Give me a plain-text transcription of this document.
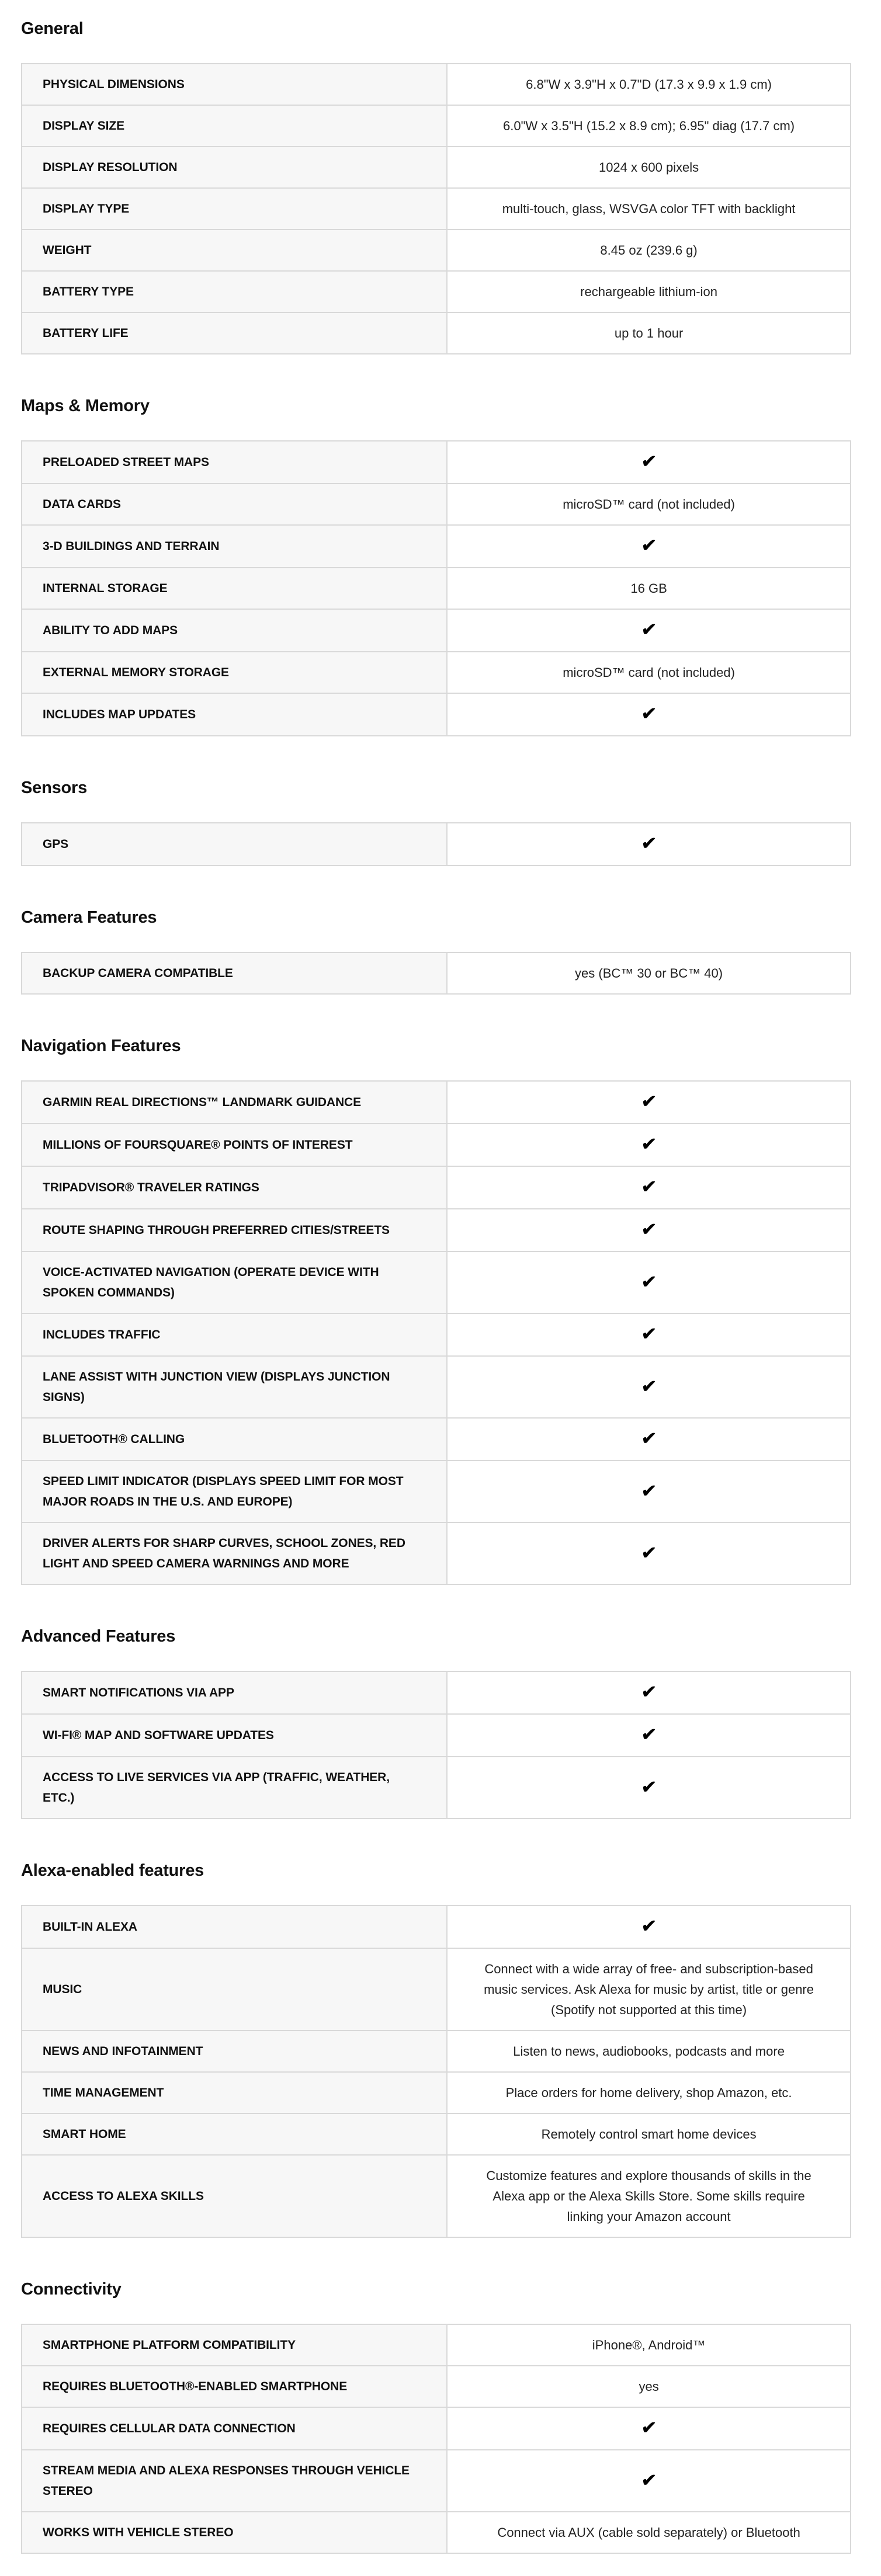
General
PHYSICAL DIMENSIONS	6.8"W x 3.9"H x 0.7"D (17.3 x 9.9 x 1.9 cm)
DISPLAY SIZE	6.0"W x 3.5"H (15.2 x 8.9 cm); 6.95" diag (17.7 cm)
DISPLAY RESOLUTION	1024 x 600 pixels
DISPLAY TYPE	multi-touch, glass, WSVGA color TFT with backlight
WEIGHT	8.45 oz (239.6 g)
BATTERY TYPE	rechargeable lithium-ion
BATTERY LIFE	up to 1 hour
Maps & Memory
PRELOADED STREET MAPS	✔
DATA CARDS	microSD™ card (not included)
3-D BUILDINGS AND TERRAIN	✔
INTERNAL STORAGE	16 GB
ABILITY TO ADD MAPS	✔
EXTERNAL MEMORY STORAGE	microSD™ card (not included)
INCLUDES MAP UPDATES	✔
Sensors
GPS	✔
Camera Features
BACKUP CAMERA COMPATIBLE	yes (BC™ 30 or BC™ 40)
Navigation Features
GARMIN REAL DIRECTIONS™ LANDMARK GUIDANCE	✔
MILLIONS OF FOURSQUARE® POINTS OF INTEREST	✔
TRIPADVISOR® TRAVELER RATINGS	✔
ROUTE SHAPING THROUGH PREFERRED CITIES/STREETS	✔
VOICE-ACTIVATED NAVIGATION (OPERATE DEVICE WITH SPOKEN COMMANDS)	✔
INCLUDES TRAFFIC	✔
LANE ASSIST WITH JUNCTION VIEW (DISPLAYS JUNCTION SIGNS)	✔
BLUETOOTH® CALLING	✔
SPEED LIMIT INDICATOR (DISPLAYS SPEED LIMIT FOR MOST MAJOR ROADS IN THE U.S. AND EUROPE)	✔
DRIVER ALERTS FOR SHARP CURVES, SCHOOL ZONES, RED LIGHT AND SPEED CAMERA WARNINGS AND MORE	✔
Advanced Features
SMART NOTIFICATIONS VIA APP	✔
WI-FI® MAP AND SOFTWARE UPDATES	✔
ACCESS TO LIVE SERVICES VIA APP (TRAFFIC, WEATHER, ETC.)	✔
Alexa-enabled features
BUILT-IN ALEXA	✔
MUSIC	Connect with a wide array of free- and subscription-based music services. Ask Alexa for music by artist, title or genre (Spotify not supported at this time)
NEWS AND INFOTAINMENT	Listen to news, audiobooks, podcasts and more
TIME MANAGEMENT	Place orders for home delivery, shop Amazon, etc.
SMART HOME	Remotely control smart home devices
ACCESS TO ALEXA SKILLS	Customize features and explore thousands of skills in the Alexa app or the Alexa Skills Store. Some skills require linking your Amazon account
Connectivity
SMARTPHONE PLATFORM COMPATIBILITY	iPhone®, Android™
REQUIRES BLUETOOTH®-ENABLED SMARTPHONE	yes
REQUIRES CELLULAR DATA CONNECTION	✔
STREAM MEDIA AND ALEXA RESPONSES THROUGH VEHICLE STEREO	✔
WORKS WITH VEHICLE STEREO	Connect via AUX (cable sold separately) or Bluetooth
